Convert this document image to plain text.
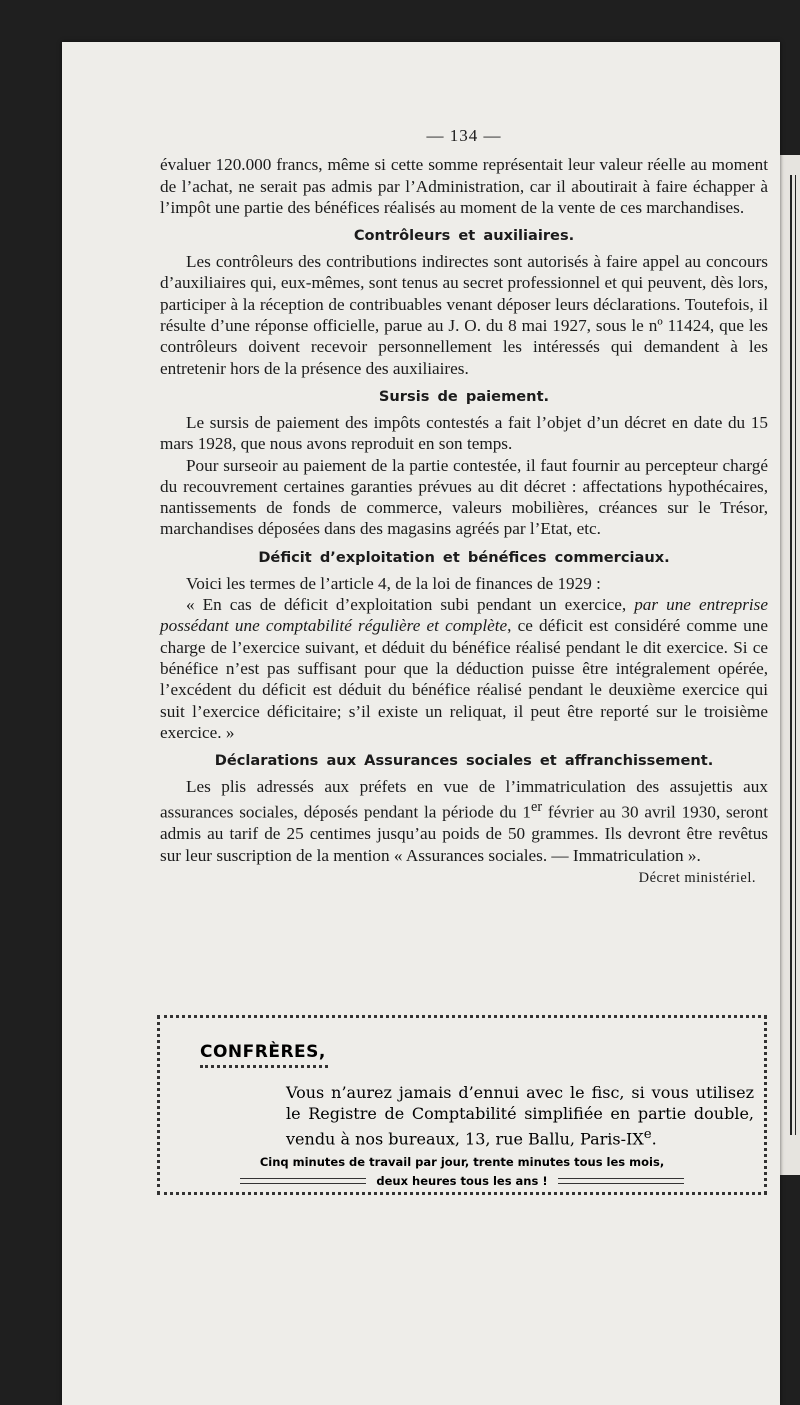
— 134 —

évaluer 120.000 francs, même si cette somme représentait leur valeur réelle au moment de l’achat, ne serait pas admis par l’Administration, car il aboutirait à faire échapper à l’impôt une partie des bénéfices réalisés au moment de la vente de ces marchandises.

Contrôleurs et auxiliaires.

Les contrôleurs des contributions indirectes sont autorisés à faire appel au concours d’auxiliaires qui, eux-mêmes, sont tenus au secret professionnel et qui peuvent, dès lors, participer à la réception de contribuables venant déposer leurs déclarations. Toutefois, il résulte d’une réponse officielle, parue au J. O. du 8 mai 1927, sous le nº 11424, que les contrôleurs doivent recevoir personnellement les intéressés qui demandent à les entretenir hors de la présence des auxiliaires.

Sursis de paiement.

Le sursis de paiement des impôts contestés a fait l’objet d’un décret en date du 15 mars 1928, que nous avons reproduit en son temps.

Pour surseoir au paiement de la partie contestée, il faut fournir au percepteur chargé du recouvrement certaines garanties prévues au dit décret : affectations hypothécaires, nantissements de fonds de commerce, valeurs mobilières, créances sur le Trésor, marchandises déposées dans des magasins agréés par l’Etat, etc.

Déficit d’exploitation et bénéfices commerciaux.

Voici les termes de l’article 4, de la loi de finances de 1929 :

« En cas de déficit d’exploitation subi pendant un exercice, par une entreprise possédant une comptabilité régulière et complète, ce déficit est considéré comme une charge de l’exercice suivant, et déduit du bénéfice réalisé pendant le dit exercice. Si ce bénéfice n’est pas suffisant pour que la déduction puisse être intégralement opérée, l’excédent du déficit est déduit du bénéfice réalisé pendant le deuxième exercice qui suit l’exercice déficitaire; s’il existe un reliquat, il peut être reporté sur le troisième exercice. »

Déclarations aux Assurances sociales et affranchissement.

Les plis adressés aux préfets en vue de l’immatriculation des assujettis aux assurances sociales, déposés pendant la période du 1er février au 30 avril 1930, seront admis au tarif de 25 centimes jusqu’au poids de 50 grammes. Ils devront être revêtus sur leur suscription de la mention « Assurances sociales. — Immatriculation ».

Décret ministériel.
CONFRÈRES,
Vous n’aurez jamais d’ennui avec le fisc, si vous utilisez le Registre de Comptabilité simplifiée en partie double, vendu à nos bureaux, 13, rue Ballu, Paris-IXe.
Cinq minutes de travail par jour, trente minutes tous les mois,
deux heures tous les ans !
